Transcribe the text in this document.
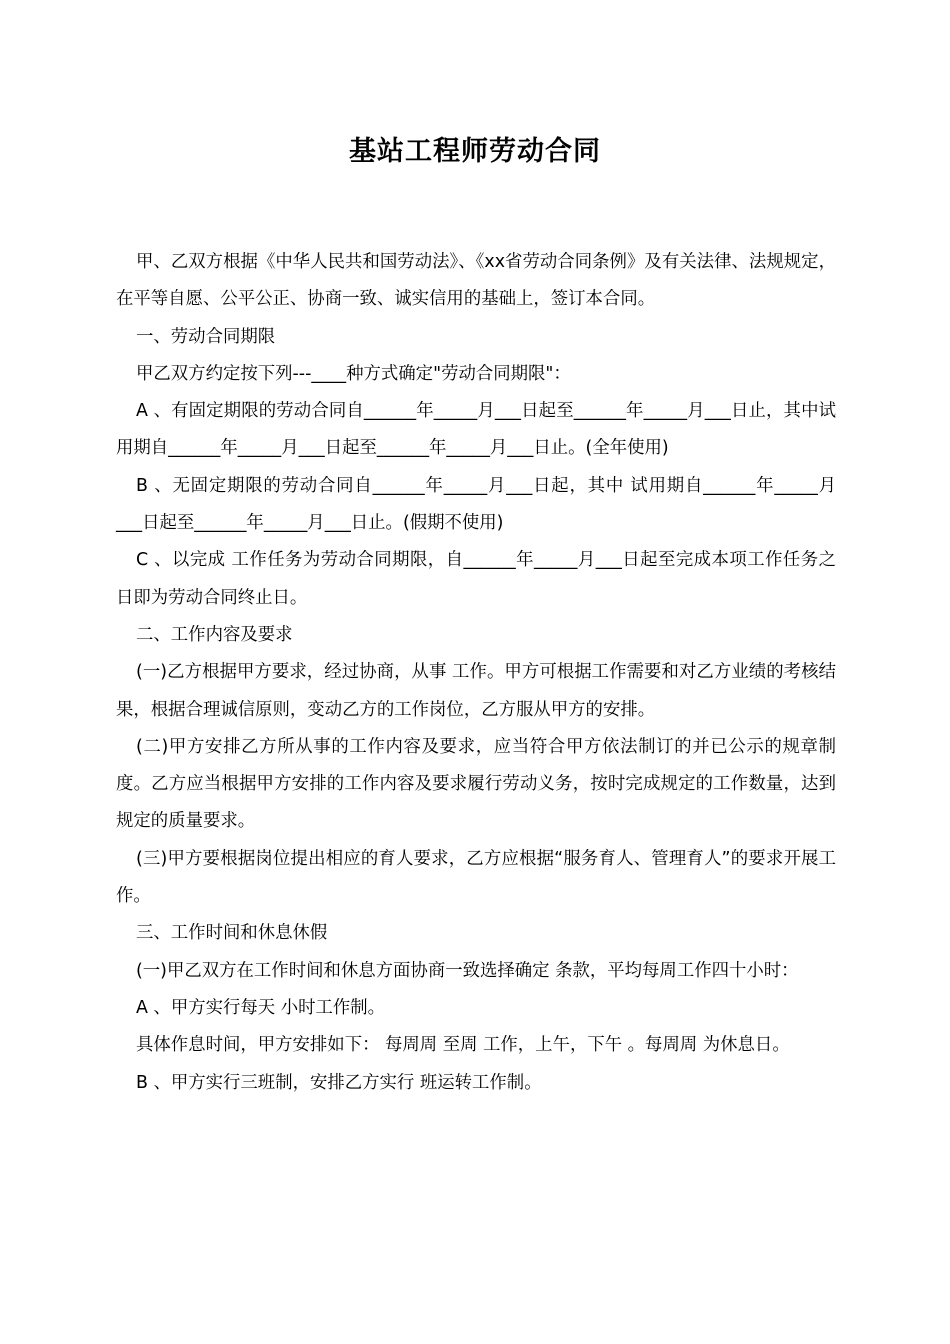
基站工程师劳动合同

甲、乙双方根据《中华人民共和国劳动法》、《xx省劳动合同条例》及有关法律、法规规定，在平等自愿、公平公正、协商一致、诚实信用的基础上，签订本合同。

一、劳动合同期限

甲乙双方约定按下列---____种方式确定"劳动合同期限"：

A 、有固定期限的劳动合同自______年_____月___日起至______年_____月___日止，其中试用期自______年_____月___日起至______年_____月___日止。(全年使用)

B 、无固定期限的劳动合同自______年_____月___日起，其中 试用期自______年_____月___日起至______年_____月___日止。(假期不使用)

C 、以完成 工作任务为劳动合同期限，自______年_____月___日起至完成本项工作任务之日即为劳动合同终止日。

二、工作内容及要求

(一)乙方根据甲方要求，经过协商，从事 工作。甲方可根据工作需要和对乙方业绩的考核结果，根据合理诚信原则，变动乙方的工作岗位，乙方服从甲方的安排。

(二)甲方安排乙方所从事的工作内容及要求，应当符合甲方依法制订的并已公示的规章制度。乙方应当根据甲方安排的工作内容及要求履行劳动义务，按时完成规定的工作数量，达到规定的质量要求。

(三)甲方要根据岗位提出相应的育人要求，乙方应根据“服务育人、管理育人”的要求开展工作。

三、工作时间和休息休假

(一)甲乙双方在工作时间和休息方面协商一致选择确定 条款，平均每周工作四十小时：

A 、甲方实行每天 小时工作制。

具体作息时间，甲方安排如下： 每周周 至周 工作，上午，下午 。每周周 为休息日。

B 、甲方实行三班制，安排乙方实行 班运转工作制。
